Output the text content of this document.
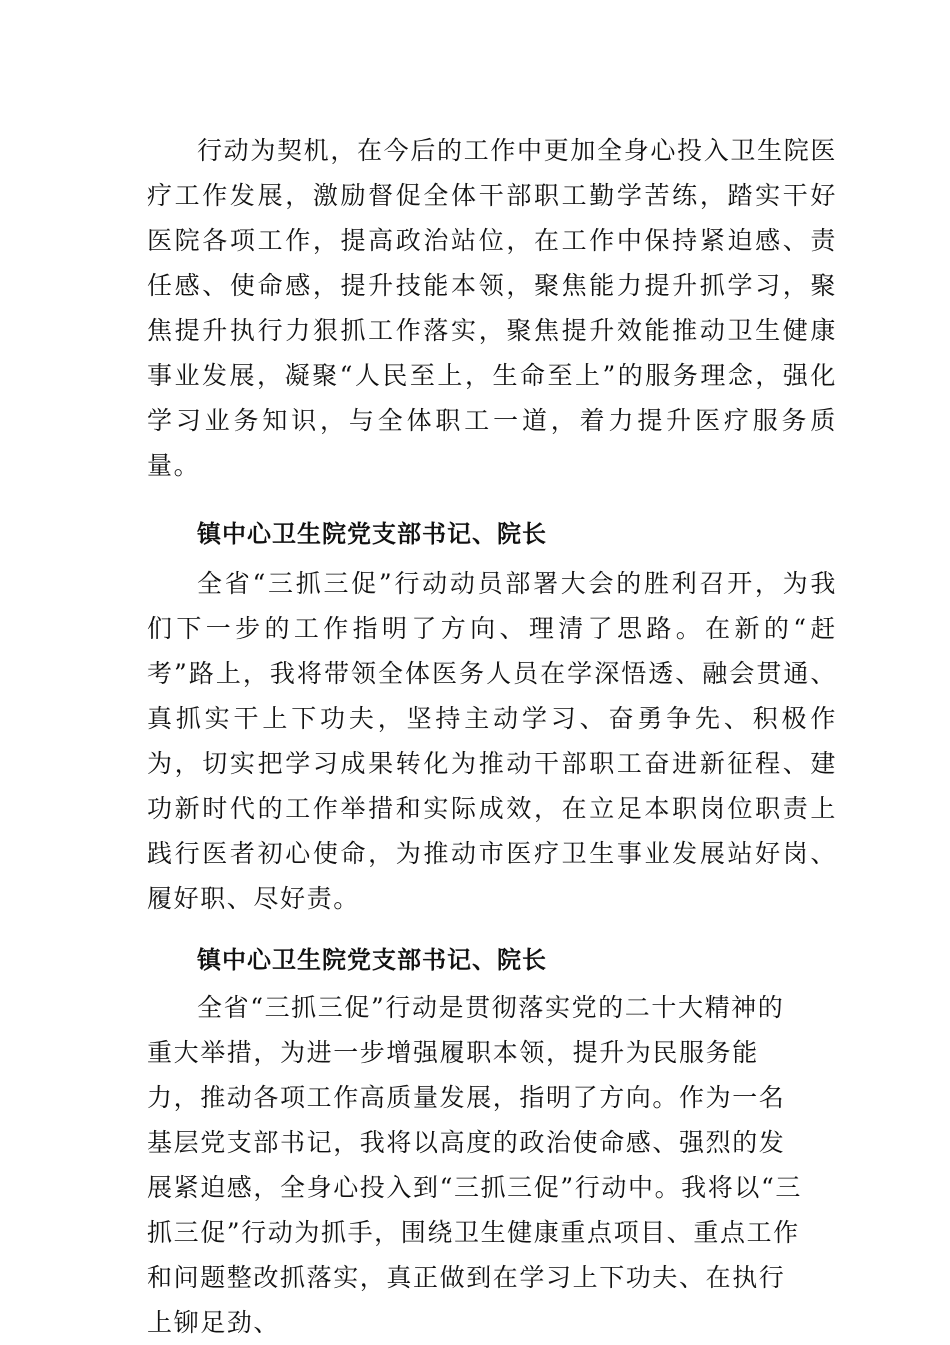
行动为契机，在今后的工作中更加全身心投入卫生院医疗工作发展，激励督促全体干部职工勤学苦练，踏实干好医院各项工作，提高政治站位，在工作中保持紧迫感、责任感、使命感，提升技能本领，聚焦能力提升抓学习，聚焦提升执行力狠抓工作落实，聚焦提升效能推动卫生健康事业发展，凝聚“人民至上，生命至上”的服务理念，强化学习业务知识，与全体职工一道，着力提升医疗服务质量。

镇中心卫生院党支部书记、院长

全省“三抓三促”行动动员部署大会的胜利召开，为我们下一步的工作指明了方向、理清了思路。在新的“赶考”路上，我将带领全体医务人员在学深悟透、融会贯通、真抓实干上下功夫，坚持主动学习、奋勇争先、积极作为，切实把学习成果转化为推动干部职工奋进新征程、建功新时代的工作举措和实际成效，在立足本职岗位职责上践行医者初心使命，为推动市医疗卫生事业发展站好岗、履好职、尽好责。

镇中心卫生院党支部书记、院长

全省“三抓三促”行动是贯彻落实党的二十大精神的重大举措，为进一步增强履职本领，提升为民服务能力，推动各项工作高质量发展，指明了方向。作为一名基层党支部书记，我将以高度的政治使命感、强烈的发展紧迫感，全身心投入到“三抓三促”行动中。我将以“三抓三促”行动为抓手，围绕卫生健康重点项目、重点工作和问题整改抓落实，真正做到在学习上下功夫、在执行上铆足劲、
